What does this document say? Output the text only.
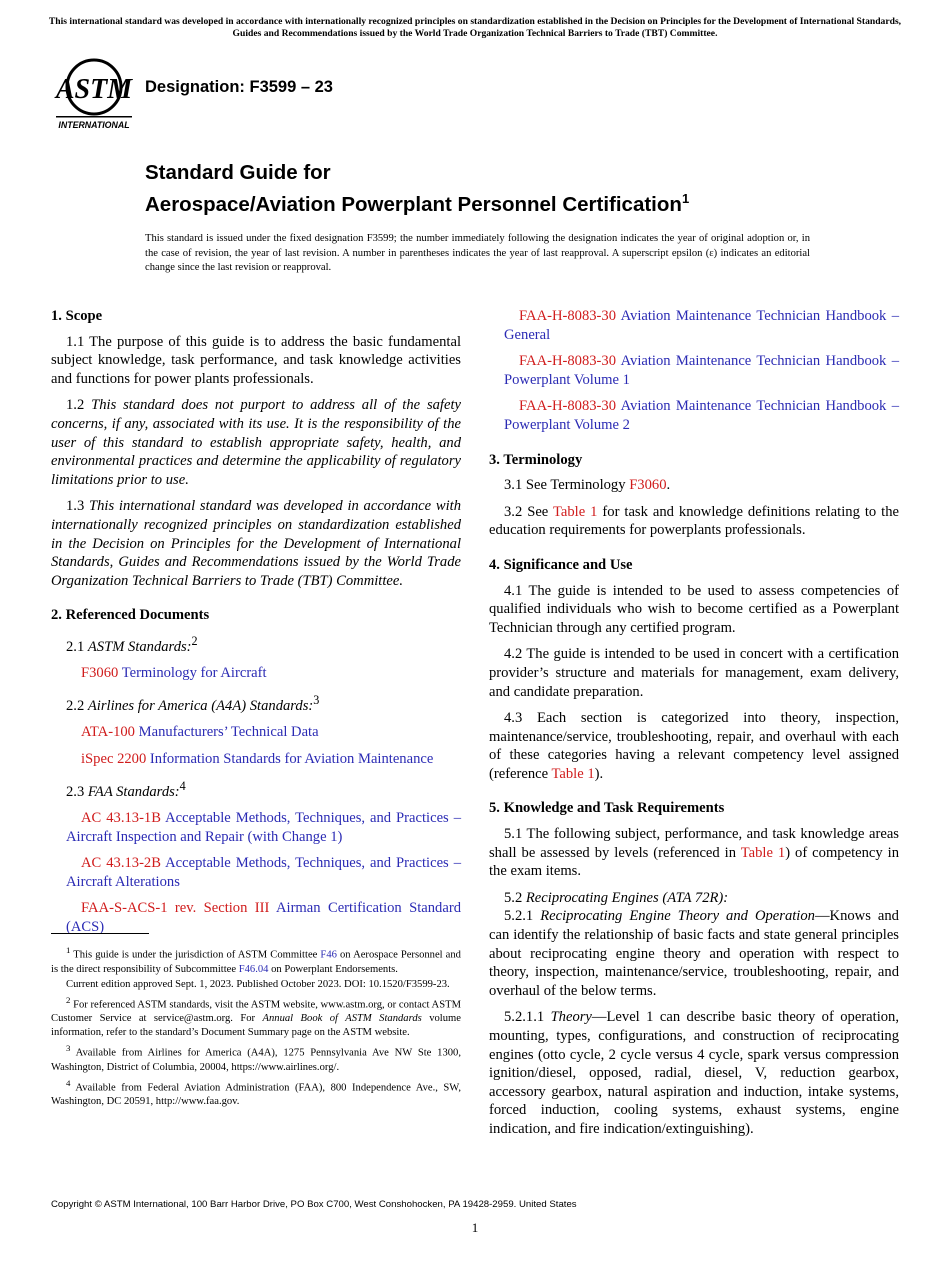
This international standard was developed in accordance with internationally recognized principles on standardization established in the Decision on Principles for the Development of International Standards, Guides and Recommendations issued by the World Trade Organization Technical Barriers to Trade (TBT) Committee.
ASTM
INTERNATIONAL
Designation: F3599 – 23
Standard Guide for
Aerospace/Aviation Powerplant Personnel Certification$^1$
This standard is issued under the fixed designation F3599; the number immediately following the designation indicates the year of original adoption or, in the case of revision, the year of last revision. A number in parentheses indicates the year of last reapproval. A superscript epsilon (ε) indicates an editorial change since the last revision or reapproval.
1. Scope

1.1 The purpose of this guide is to address the basic fundamental subject knowledge, task performance, and task knowledge activities and functions for power plants professionals.

1.2 This standard does not purport to address all of the safety concerns, if any, associated with its use. It is the responsibility of the user of this standard to establish appropriate safety, health, and environmental practices and determine the applicability of regulatory limitations prior to use.

1.3 This international standard was developed in accordance with internationally recognized principles on standardization established in the Decision on Principles for the Development of International Standards, Guides and Recommendations issued by the World Trade Organization Technical Barriers to Trade (TBT) Committee.

2. Referenced Documents

2.1 ASTM Standards:$^2$

F3060 Terminology for Aircraft

2.2 Airlines for America (A4A) Standards:$^3$

ATA-100 Manufacturers’ Technical Data

iSpec 2200 Information Standards for Aviation Maintenance

2.3 FAA Standards:$^4$

AC 43.13-1B Acceptable Methods, Techniques, and Practices – Aircraft Inspection and Repair (with Change 1)

AC 43.13-2B Acceptable Methods, Techniques, and Practices – Aircraft Alterations

FAA-S-ACS-1 rev. Section III Airman Certification Standard (ACS)

FAA-H-8083-30 Aviation Maintenance Technician Handbook – General

FAA-H-8083-30 Aviation Maintenance Technician Handbook – Powerplant Volume 1

FAA-H-8083-30 Aviation Maintenance Technician Handbook – Powerplant Volume 2

3. Terminology

3.1 See Terminology F3060.

3.2 See Table 1 for task and knowledge definitions relating to the education requirements for powerplants professionals.

4. Significance and Use

4.1 The guide is intended to be used to assess competencies of qualified individuals who wish to become certified as a Powerplant Technician through any certified program.

4.2 The guide is intended to be used in concert with a certification provider’s structure and materials for management, exam delivery, and candidate preparation.

4.3 Each section is categorized into theory, inspection, maintenance/service, troubleshooting, repair, and overhaul with each of these categories having a relevant competency level assigned (reference Table 1).

5. Knowledge and Task Requirements

5.1 The following subject, performance, and task knowledge areas shall be assessed by levels (referenced in Table 1) of competency in the exam items.

5.2 Reciprocating Engines (ATA 72R):

5.2.1 Reciprocating Engine Theory and Operation—Knows and can identify the relationship of basic facts and state general principles about reciprocating engine theory and operation with respect to theory, inspection, maintenance/service, troubleshooting, repair, and overhaul of the below terms.

5.2.1.1 Theory—Level 1 can describe basic theory of operation, mounting, types, configurations, and construction of reciprocating engines (otto cycle, 2 cycle versus 4 cycle, spark versus compression ignition/diesel, opposed, radial, diesel, V, reduction gearbox, accessory gearbox, natural aspiration and induction, intake systems, forced induction, cooling systems, exhaust systems, engine indication, and fire indication/extinguishing).

$^1$ This guide is under the jurisdiction of ASTM Committee F46 on Aerospace Personnel and is the direct responsibility of Subcommittee F46.04 on Powerplant Endorsements.

Current edition approved Sept. 1, 2023. Published October 2023. DOI: 10.1520/F3599-23.

$^2$ For referenced ASTM standards, visit the ASTM website, www.astm.org, or contact ASTM Customer Service at service@astm.org. For Annual Book of ASTM Standards volume information, refer to the standard’s Document Summary page on the ASTM website.

$^3$ Available from Airlines for America (A4A), 1275 Pennsylvania Ave NW Ste 1300, Washington, District of Columbia, 20004, https://www.airlines.org/.

$^4$ Available from Federal Aviation Administration (FAA), 800 Independence Ave., SW, Washington, DC 20591, http://www.faa.gov.

Copyright © ASTM International, 100 Barr Harbor Drive, PO Box C700, West Conshohocken, PA 19428-2959. United States
1
